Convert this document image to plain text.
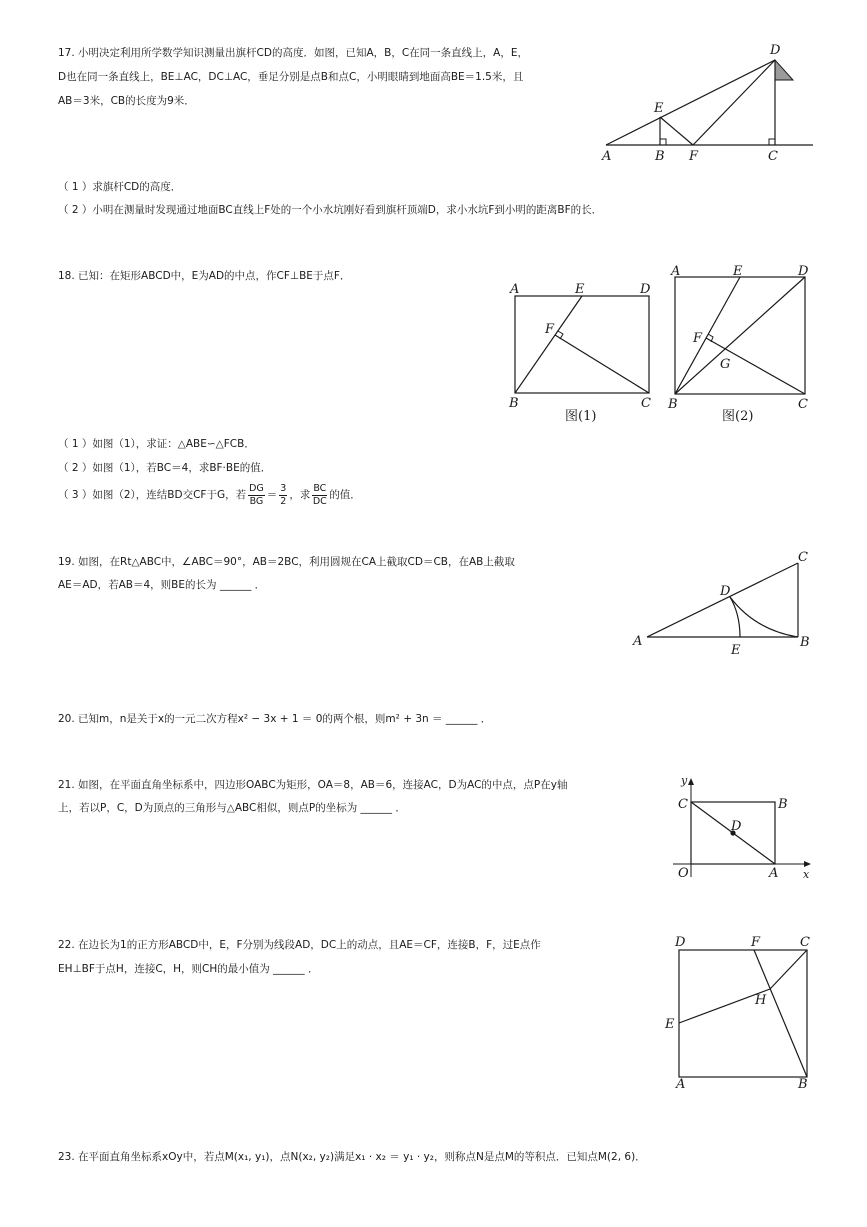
17. 小明决定利用所学数学知识测量出旗杆CD的高度．如图，已知A，B，C在同一条直线上，A，E，
D也在同一条直线上，BE⊥AC，DC⊥AC，垂足分别是点B和点C，小明眼睛到地面高BE＝1.5米，且
AB＝3米，CB的长度为9米．
（ 1 ）求旗杆CD的高度．
（ 2 ）小明在测量时发现通过地面BC直线上F处的一个小水坑刚好看到旗杆顶端D，求小水坑F到小明的距离BF的长．
D
E
A	B F	C
18. 已知：在矩形ABCD中，E为AD的中点，作CF⊥BE于点F．
（ 1 ）如图（1），求证：△ABE∽△FCB．
（ 2 ）如图（1），若BC＝4，求BF·BE的值．
（ 3 ）如图（2），连结BD交CF于G，若 $\frac{DG}{BG} = \frac{3}{2}$ ，求 $\frac{BC}{DC}$ 的值．
A	E	D
F
B	C
图(1)
A	E	D
F
G
B	C
图(2)
19. 如图，在Rt△ABC中，∠ABC＝90°，AB＝2BC，利用圆规在CA上截取CD＝CB，在AB上截取
AE＝AD，若AB＝4，则BE的长为 ______ ．
A
C
B
D
E
20. 已知m，n是关于x的一元二次方程x² − 3x + 1 ＝ 0的两个根，则m² + 3n ＝ ______ ．
21. 如图，在平面直角坐标系中，四边形OABC为矩形，OA＝8，AB＝6，连接AC，D为AC的中点，点P在y轴
上，若以P，C，D为顶点的三角形与△ABC相似，则点P的坐标为 ______ ．
y
x
O	A
C	B
D
22. 在边长为1的正方形ABCD中，E，F分别为线段AD，DC上的动点，且AE＝CF，连接B，F，过E点作
EH⊥BF于点H，连接C，H，则CH的最小值为 ______ ．
D	F	C
E
H
A	B
23. 在平面直角坐标系xOy中，若点M(x₁, y₁)，点N(x₂, y₂)满足x₁ · x₂ ＝ y₁ · y₂，则称点N是点M的等积点．已知点M(2, 6)．
